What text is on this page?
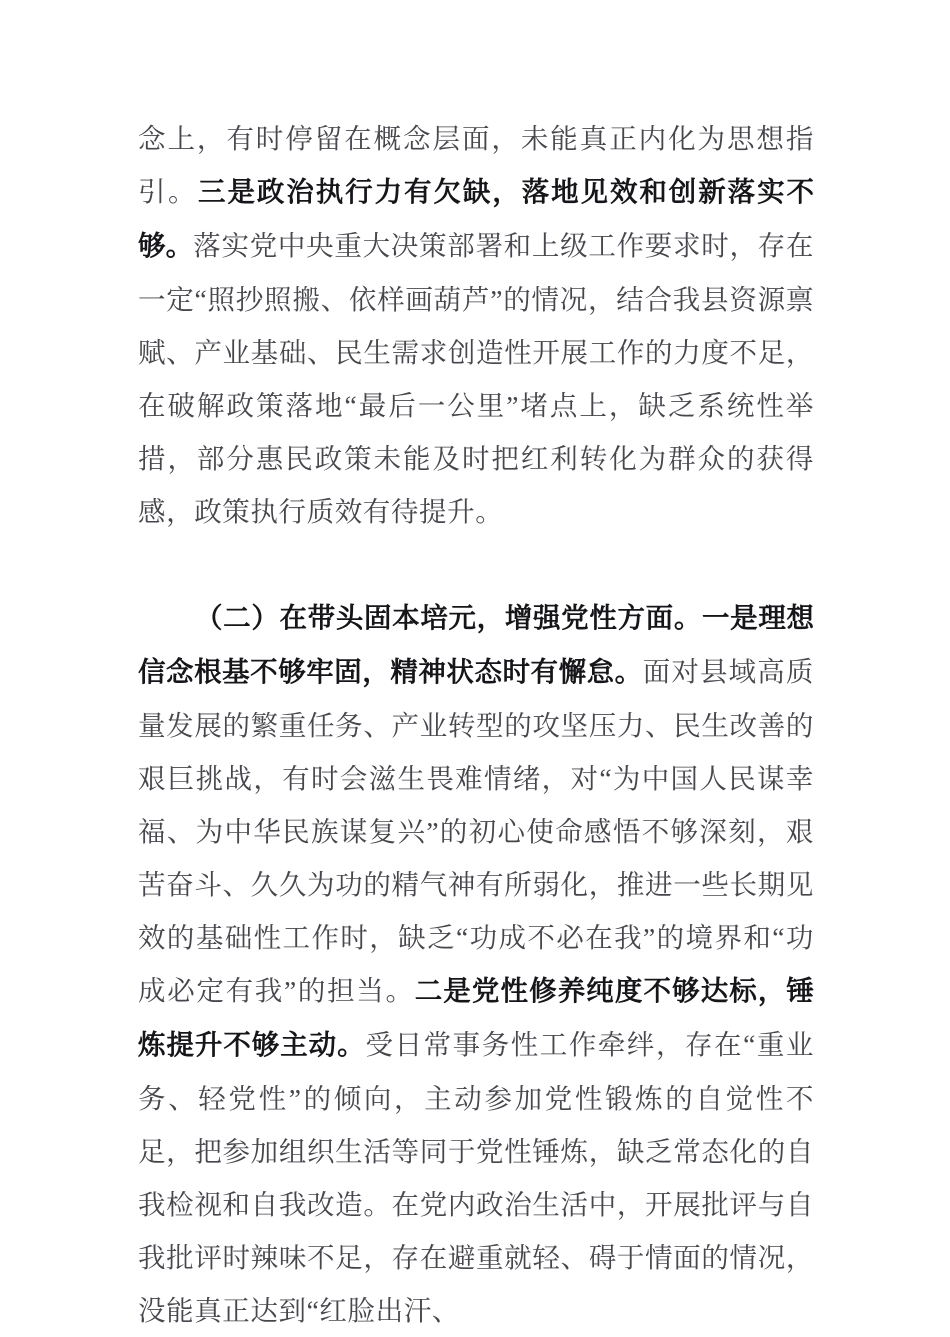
念上，有时停留在概念层面，未能真正内化为思想指引。三是政治执行力有欠缺，落地见效和创新落实不够。落实党中央重大决策部署和上级工作要求时，存在一定“照抄照搬、依样画葫芦”的情况，结合我县资源禀赋、产业基础、民生需求创造性开展工作的力度不足，在破解政策落地“最后一公里”堵点上，缺乏系统性举措，部分惠民政策未能及时把红利转化为群众的获得感，政策执行质效有待提升。

（二）在带头固本培元，增强党性方面。一是理想信念根基不够牢固，精神状态时有懈怠。面对县域高质量发展的繁重任务、产业转型的攻坚压力、民生改善的艰巨挑战，有时会滋生畏难情绪，对“为中国人民谋幸福、为中华民族谋复兴”的初心使命感悟不够深刻，艰苦奋斗、久久为功的精气神有所弱化，推进一些长期见效的基础性工作时，缺乏“功成不必在我”的境界和“功成必定有我”的担当。二是党性修养纯度不够达标，锤炼提升不够主动。受日常事务性工作牵绊，存在“重业务、轻党性”的倾向，主动参加党性锻炼的自觉性不足，把参加组织生活等同于党性锤炼，缺乏常态化的自我检视和自我改造。在党内政治生活中，开展批评与自我批评时辣味不足，存在避重就轻、碍于情面的情况，没能真正达到“红脸出汗、
